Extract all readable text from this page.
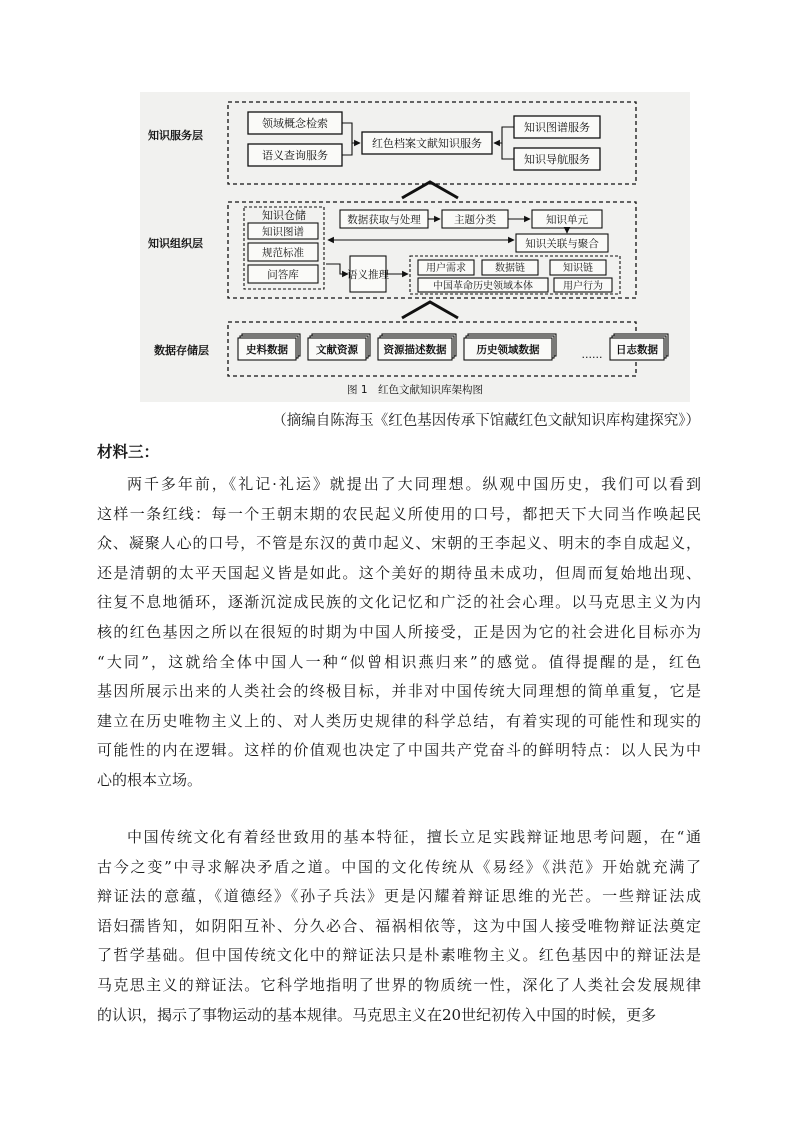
知识服务层
知识组织层
数据存储层
领域概念检索
语义查询服务
红色档案文献知识服务
知识图谱服务
知识导航服务
知识仓储
知识图谱
规范标准
问答库
数据获取与处理	主题分类	知识单元
知识关联与聚合
语义推理
用户需求	数据链	知识链
中国革命历史领域本体	用户行为
史料数据	文献资源 资源描述数据	历史领域数据	日志数据
......
图 1　红色文献知识库架构图
（摘编自陈海玉《红色基因传承下馆藏红色文献知识库构建探究》）
材料三：
两千多年前，《礼记·礼运》就提出了大同理想。纵观中国历史，我们可以看到
这样一条红线：每一个王朝末期的农民起义所使用的口号，都把天下大同当作唤起民
众、凝聚人心的口号，不管是东汉的黄巾起义、宋朝的王李起义、明末的李自成起义，
还是清朝的太平天国起义皆是如此。这个美好的期待虽未成功，但周而复始地出现、
往复不息地循环，逐渐沉淀成民族的文化记忆和广泛的社会心理。以马克思主义为内
核的红色基因之所以在很短的时期为中国人所接受，正是因为它的社会进化目标亦为
“大同”，这就给全体中国人一种“似曾相识燕归来”的感觉。值得提醒的是，红色
基因所展示出来的人类社会的终极目标，并非对中国传统大同理想的简单重复，它是
建立在历史唯物主义上的、对人类历史规律的科学总结，有着实现的可能性和现实的
可能性的内在逻辑。这样的价值观也决定了中国共产党奋斗的鲜明特点：以人民为中
心的根本立场。
中国传统文化有着经世致用的基本特征，擅长立足实践辩证地思考问题，在“通
古今之变”中寻求解决矛盾之道。中国的文化传统从《易经》《洪范》开始就充满了
辩证法的意蕴，《道德经》《孙子兵法》更是闪耀着辩证思维的光芒。一些辩证法成
语妇孺皆知，如阴阳互补、分久必合、福祸相依等，这为中国人接受唯物辩证法奠定
了哲学基础。但中国传统文化中的辩证法只是朴素唯物主义。红色基因中的辩证法是
马克思主义的辩证法。它科学地指明了世界的物质统一性，深化了人类社会发展规律
的认识，揭示了事物运动的基本规律。马克思主义在20世纪初传入中国的时候，更多
